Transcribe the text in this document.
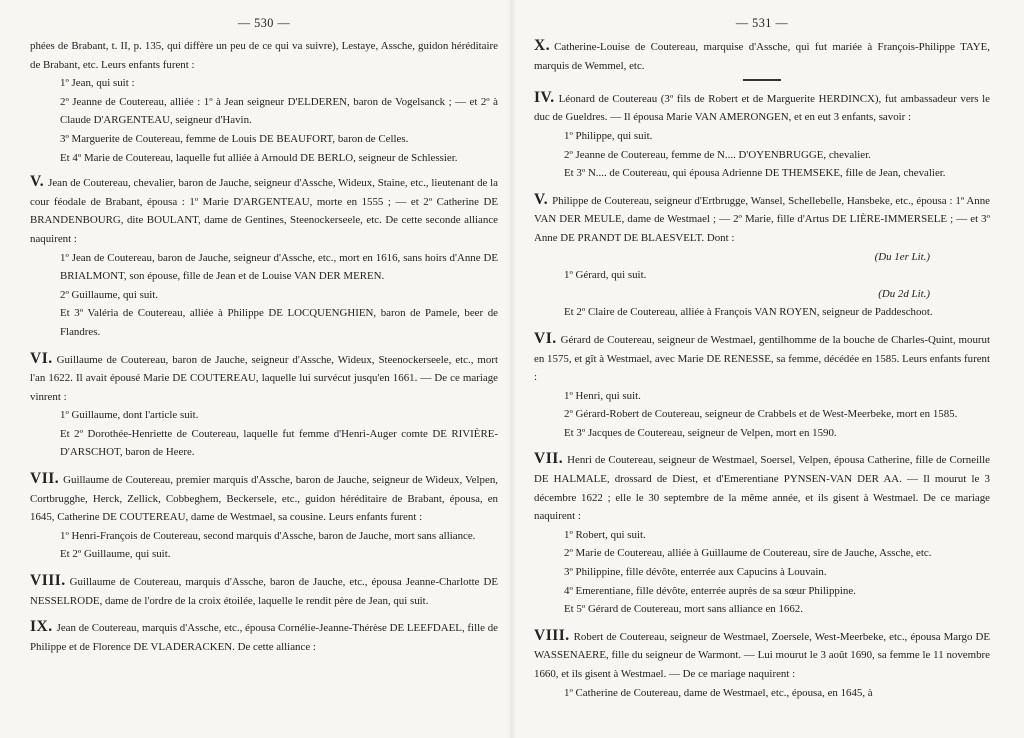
— 530 —

phées de Brabant, t. II, p. 135, qui diffère un peu de ce qui va suivre), Lestaye, Assche, guidon héréditaire de Brabant, etc. Leurs enfants furent :

1º Jean, qui suit :

2º Jeanne de Coutereau, alliée : 1º à Jean seigneur D'ELDEREN, baron de Vogelsanck ; — et 2º à Claude D'ARGENTEAU, seigneur d'Havin.

3º Marguerite de Coutereau, femme de Louis DE BEAUFORT, baron de Celles.

Et 4º Marie de Coutereau, laquelle fut alliée à Arnould DE BERLO, seigneur de Schlessier.

V. Jean de Coutereau, chevalier, baron de Jauche, seigneur d'Assche, Wideux, Staine, etc., lieutenant de la cour féodale de Brabant, épousa : 1º Marie D'ARGENTEAU, morte en 1555 ; — et 2º Catherine DE BRANDENBOURG, dite BOULANT, dame de Gentines, Steenockerseele, etc. De cette seconde alliance naquirent :

1º Jean de Coutereau, baron de Jauche, seigneur d'Assche, etc., mort en 1616, sans hoirs d'Anne DE BRIALMONT, son épouse, fille de Jean et de Louise VAN DER MEREN.

2º Guillaume, qui suit.

Et 3º Valéria de Coutereau, alliée à Philippe DE LOCQUENGHIEN, baron de Pamele, beer de Flandres.

VI. Guillaume de Coutereau, baron de Jauche, seigneur d'Assche, Wideux, Steenockerseele, etc., mort l'an 1622. Il avait épousé Marie DE COUTEREAU, laquelle lui survécut jusqu'en 1661. — De ce mariage vinrent :

1º Guillaume, dont l'article suit.

Et 2º Dorothée-Henriette de Coutereau, laquelle fut femme d'Henri-Auger comte DE RIVIÈRE-D'ARSCHOT, baron de Heere.

VII. Guillaume de Coutereau, premier marquis d'Assche, baron de Jauche, seigneur de Wideux, Velpen, Cortbrugghe, Herck, Zellick, Cobbeghem, Beckersele, etc., guidon héréditaire de Brabant, épousa, en 1645, Catherine DE COUTEREAU, dame de Westmael, sa cousine. Leurs enfants furent :

1º Henri-François de Coutereau, second marquis d'Assche, baron de Jauche, mort sans alliance.

Et 2º Guillaume, qui suit.

VIII. Guillaume de Coutereau, marquis d'Assche, baron de Jauche, etc., épousa Jeanne-Charlotte DE NESSELRODE, dame de l'ordre de la croix étoilée, laquelle le rendit père de Jean, qui suit.

IX. Jean de Coutereau, marquis d'Assche, etc., épousa Cornélie-Jeanne-Thérèse DE LEEFDAEL, fille de Philippe et de Florence DE VLADERACKEN. De cette alliance :

— 531 —

X. Catherine-Louise de Coutereau, marquise d'Assche, qui fut mariée à François-Philippe TAYE, marquis de Wemmel, etc.

IV. Léonard de Coutereau (3º fils de Robert et de Marguerite HERDINCX), fut ambassadeur vers le duc de Gueldres. — Il épousa Marie VAN AMERONGEN, et en eut 3 enfants, savoir :

1º Philippe, qui suit.

2º Jeanne de Coutereau, femme de N.... D'OYENBRUGGE, chevalier.

Et 3º N.... de Coutereau, qui épousa Adrienne DE THEMSEKE, fille de Jean, chevalier.

V. Philippe de Coutereau, seigneur d'Ertbrugge, Wansel, Schellebelle, Hansbeke, etc., épousa : 1º Anne VAN DER MEULE, dame de Westmael ; — 2º Marie, fille d'Artus DE LIÈRE-IMMERSELE ; — et 3º Anne DE PRANDT DE BLAESVELT. Dont :

(Du 1er Lit.)

1º Gérard, qui suit.

(Du 2d Lit.)

Et 2º Claire de Coutereau, alliée à François VAN ROYEN, seigneur de Paddeschoot.

VI. Gérard de Coutereau, seigneur de Westmael, gentilhomme de la bouche de Charles-Quint, mourut en 1575, et gît à Westmael, avec Marie DE RENESSE, sa femme, décédée en 1585. Leurs enfants furent :

1º Henri, qui suit.

2º Gérard-Robert de Coutereau, seigneur de Crabbels et de West-Meerbeke, mort en 1585.

Et 3º Jacques de Coutereau, seigneur de Velpen, mort en 1590.

VII. Henri de Coutereau, seigneur de Westmael, Soersel, Velpen, épousa Catherine, fille de Corneille DE HALMALE, drossard de Diest, et d'Emerentiane PYNSEN-VAN DER AA. — Il mourut le 3 décembre 1622 ; elle le 30 septembre de la même année, et ils gisent à Westmael. De ce mariage naquirent :

1º Robert, qui suit.

2º Marie de Coutereau, alliée à Guillaume de Coutereau, sire de Jauche, Assche, etc.

3º Philippine, fille dévôte, enterrée aux Capucins à Louvain.

4º Emerentiane, fille dévôte, enterrée auprès de sa sœur Philippine.

Et 5º Gérard de Coutereau, mort sans alliance en 1662.

VIII. Robert de Coutereau, seigneur de Westmael, Zoersele, West-Meerbeke, etc., épousa Margo DE WASSENAERE, fille du seigneur de Warmont. — Lui mourut le 3 août 1690, sa femme le 11 novembre 1660, et ils gisent à Westmael. — De ce mariage naquirent :

1º Catherine de Coutereau, dame de Westmael, etc., épousa, en 1645, à
